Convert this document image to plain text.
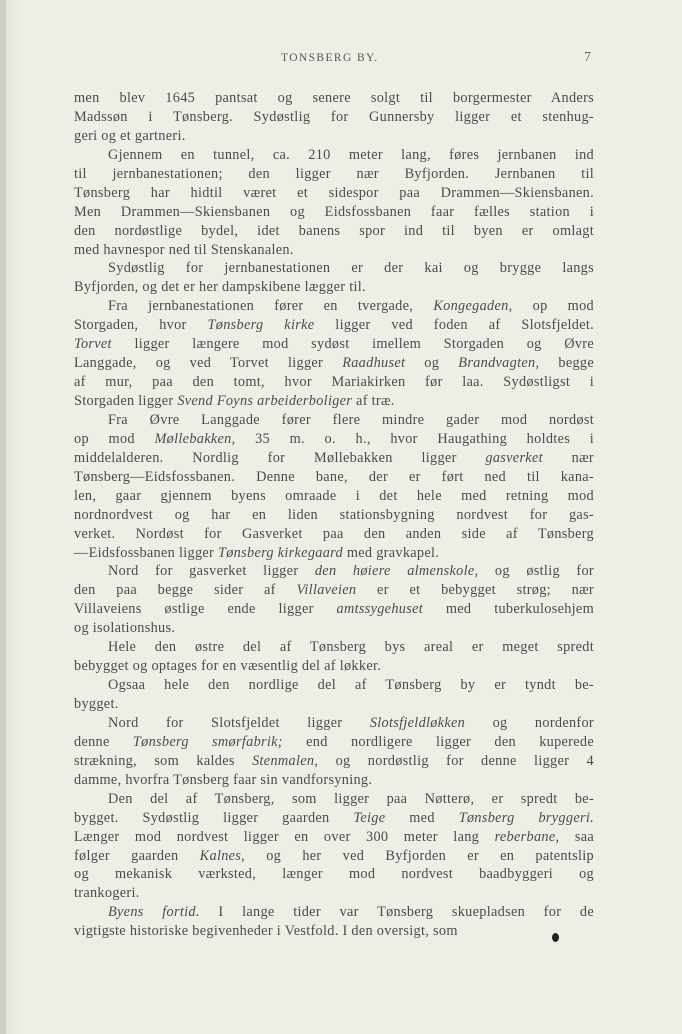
TONSBERG BY.	7
men blev 1645 pantsat og senere solgt til borgermester Anders
Madssøn i Tønsberg. Sydøstlig for Gunnersby ligger et stenhug-
geri og et gartneri.
Gjennem en tunnel, ca. 210 meter lang, føres jernbanen ind
til jernbanestationen; den ligger nær Byfjorden. Jernbanen til
Tønsberg har hidtil været et sidespor paa Drammen—Skiensbanen.
Men Drammen—Skiensbanen og Eidsfossbanen faar fælles station i
den nordøstlige bydel, idet banens spor ind til byen er omlagt
med havnespor ned til Stenskanalen.
Sydøstlig for jernbanestationen er der kai og brygge langs
Byfjorden, og det er her dampskibene lægger til.
Fra jernbanestationen fører en tvergade, Kongegaden, op mod
Storgaden, hvor Tønsberg kirke ligger ved foden af Slotsfjeldet.
Torvet ligger længere mod sydøst imellem Storgaden og Øvre
Langgade, og ved Torvet ligger Raadhuset og Brandvagten, begge
af mur, paa den tomt, hvor Mariakirken før laa. Sydøstligst i
Storgaden ligger Svend Foyns arbeiderboliger af træ.
Fra Øvre Langgade fører flere mindre gader mod nordøst
op mod Møllebakken, 35 m. o. h., hvor Haugathing holdtes i
middelalderen. Nordlig for Møllebakken ligger gasverket nær
Tønsberg—Eidsfossbanen. Denne bane, der er ført ned til kana-
len, gaar gjennem byens omraade i det hele med retning mod
nordnordvest og har en liden stationsbygning nordvest for gas-
verket. Nordøst for Gasverket paa den anden side af Tønsberg
—Eidsfossbanen ligger Tønsberg kirkegaard med gravkapel.
Nord for gasverket ligger den høiere almenskole, og østlig for
den paa begge sider af Villaveien er et bebygget strøg; nær
Villaveiens østlige ende ligger amtssygehuset med tuberkulosehjem
og isolationshus.
Hele den østre del af Tønsberg bys areal er meget spredt
bebygget og optages for en væsentlig del af løkker.
Ogsaa hele den nordlige del af Tønsberg by er tyndt be-
bygget.
Nord for Slotsfjeldet ligger Slotsfjeldløkken og nordenfor
denne Tønsberg smørfabrik; end nordligere ligger den kuperede
strækning, som kaldes Stenmalen, og nordøstlig for denne ligger 4
damme, hvorfra Tønsberg faar sin vandforsyning.
Den del af Tønsberg, som ligger paa Nøtterø, er spredt be-
bygget. Sydøstlig ligger gaarden Teige med Tønsberg bryggeri.
Længer mod nordvest ligger en over 300 meter lang reberbane, saa
følger gaarden Kalnes, og her ved Byfjorden er en patentslip
og mekanisk værksted, længer mod nordvest baadbyggeri og
trankogeri.
Byens fortid. I lange tider var Tønsberg skuepladsen for de
vigtigste historiske begivenheder i Vestfold. I den oversigt, som
